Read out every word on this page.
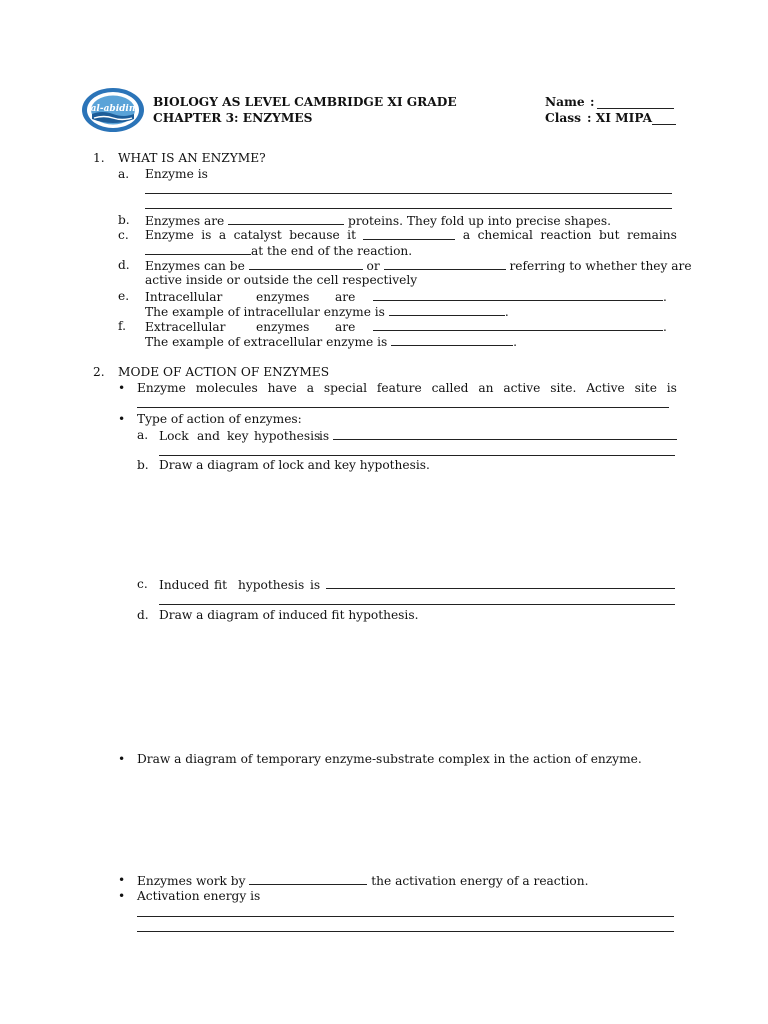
al-abidin BIOLOGY AS LEVEL CAMBRIDGE XI GRADE
CHAPTER 3: ENZYMES
Name :
Class : XI MIPA
1. WHAT IS AN ENZYME?
a. Enzyme is
b. Enzymes are	proteins. They fold up into precise shapes.
c. Enzyme is a catalyst because it	a chemical reaction but remains
at the end of the reaction.
d. Enzymes can be	or	referring to whether they are
active inside or outside the cell respectively
e. Intracellular	enzymes are	.
The example of intracellular enzyme is	.
f. Extracellular	enzymes are	.
The example of extracellular enzyme is	.
2. MODE OF ACTION OF ENZYMES
• Enzyme molecules have a special feature called an active site. Active site is
• Type of action of enzymes:
a. Lock and key hypothesisis
b. Draw a diagram of lock and key hypothesis.
c. Induced fit hypothesis is
d. Draw a diagram of induced fit hypothesis.
• Draw a diagram of temporary enzyme-substrate complex in the action of enzyme.
• Enzymes work by	the activation energy of a reaction.
• Activation energy is
